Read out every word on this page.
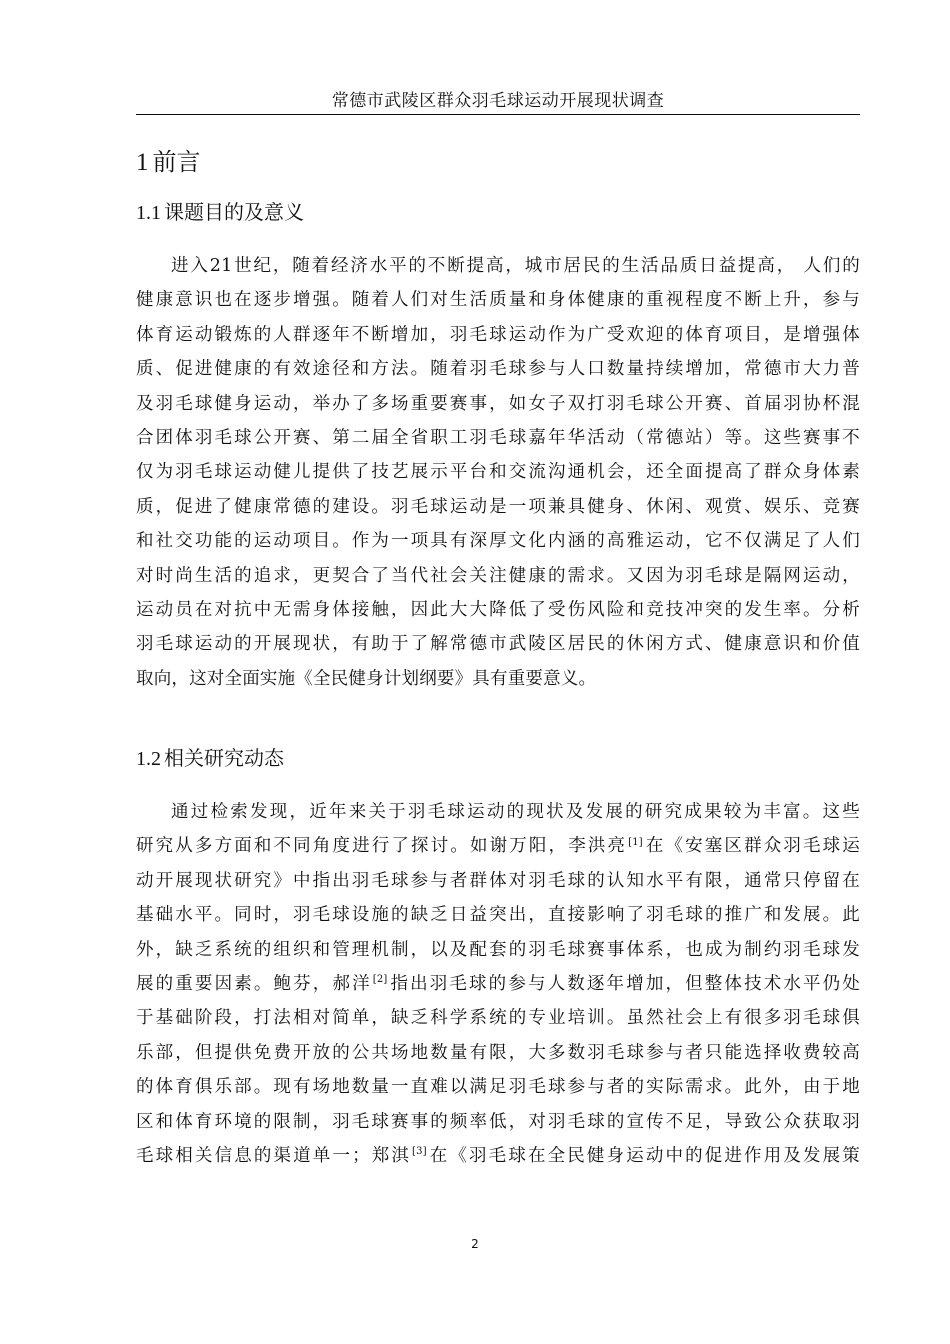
常德市武陵区群众羽毛球运动开展现状调查
1 前言
1.1 课题目的及意义
进入21世纪，随着经济水平的不断提高，城市居民的生活品质日益提高， 人们的
健康意识也在逐步增强。随着人们对生活质量和身体健康的重视程度不断上升，参与
体育运动锻炼的人群逐年不断增加，羽毛球运动作为广受欢迎的体育项目，是增强体
质、促进健康的有效途径和方法。随着羽毛球参与人口数量持续增加，常德市大力普
及羽毛球健身运动，举办了多场重要赛事，如女子双打羽毛球公开赛、首届羽协杯混
合团体羽毛球公开赛、第二届全省职工羽毛球嘉年华活动（常德站）等。这些赛事不
仅为羽毛球运动健儿提供了技艺展示平台和交流沟通机会，还全面提高了群众身体素
质，促进了健康常德的建设。羽毛球运动是一项兼具健身、休闲、观赏、娱乐、竞赛
和社交功能的运动项目。作为一项具有深厚文化内涵的高雅运动，它不仅满足了人们
对时尚生活的追求，更契合了当代社会关注健康的需求。又因为羽毛球是隔网运动，
运动员在对抗中无需身体接触，因此大大降低了受伤风险和竞技冲突的发生率。分析
羽毛球运动的开展现状，有助于了解常德市武陵区居民的休闲方式、健康意识和价值
取向，这对全面实施《全民健身计划纲要》具有重要意义。
1.2 相关研究动态
通过检索发现，近年来关于羽毛球运动的现状及发展的研究成果较为丰富。这些
研究从多方面和不同角度进行了探讨。如谢万阳，李洪亮[1]在《安塞区群众羽毛球运
动开展现状研究》中指出羽毛球参与者群体对羽毛球的认知水平有限，通常只停留在
基础水平。同时，羽毛球设施的缺乏日益突出，直接影响了羽毛球的推广和发展。此
外，缺乏系统的组织和管理机制，以及配套的羽毛球赛事体系，也成为制约羽毛球发
展的重要因素。鲍芬，郝洋[2]指出羽毛球的参与人数逐年增加，但整体技术水平仍处
于基础阶段，打法相对简单，缺乏科学系统的专业培训。虽然社会上有很多羽毛球俱
乐部，但提供免费开放的公共场地数量有限，大多数羽毛球参与者只能选择收费较高
的体育俱乐部。现有场地数量一直难以满足羽毛球参与者的实际需求。此外，由于地
区和体育环境的限制，羽毛球赛事的频率低，对羽毛球的宣传不足，导致公众获取羽
毛球相关信息的渠道单一；郑淇[3]在《羽毛球在全民健身运动中的促进作用及发展策
2
